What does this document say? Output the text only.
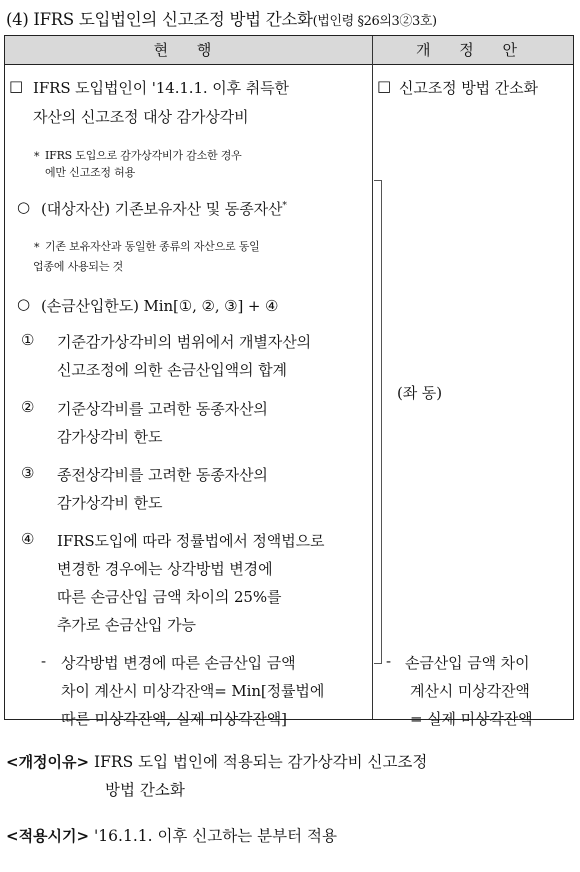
(4) IFRS 도입법인의 신고조정 방법 간소화(법인령 §26의3②3호)
현 행	개 정 안
□ IFRS 도입법인이 '14.1.1. 이후 취득한
자산의 신고조정 대상 감가상각비
* IFRS 도입으로 감가상각비가 감소한 경우
에만 신고조정 허용
○ (대상자산) 기존보유자산 및 동종자산*
* 기존 보유자산과 동일한 종류의 자산으로 동일
업종에 사용되는 것
○ (손금산입한도) Min[①, ②, ③] + ④
① 기준감가상각비의 범위에서 개별자산의
신고조정에 의한 손금산입액의 합계
② 기준상각비를 고려한 동종자산의
감가상각비 한도
③ 종전상각비를 고려한 동종자산의
감가상각비 한도
④ IFRS도입에 따라 정률법에서 정액법으로
변경한 경우에는 상각방법 변경에
따른 손금산입 금액 차이의 25%를
추가로 손금산입 가능
- 상각방법 변경에 따른 손금산입 금액
차이 계산시 미상각잔액= Min[정률법에
따른 미상각잔액, 실제 미상각잔액]
□ 신고조정 방법 간소화
(좌 동)
- 손금산입 금액 차이
계산시 미상각잔액
= 실제 미상각잔액
<개정이유> IFRS 도입 법인에 적용되는 감가상각비 신고조정
방법 간소화
<적용시기> '16.1.1. 이후 신고하는 분부터 적용
